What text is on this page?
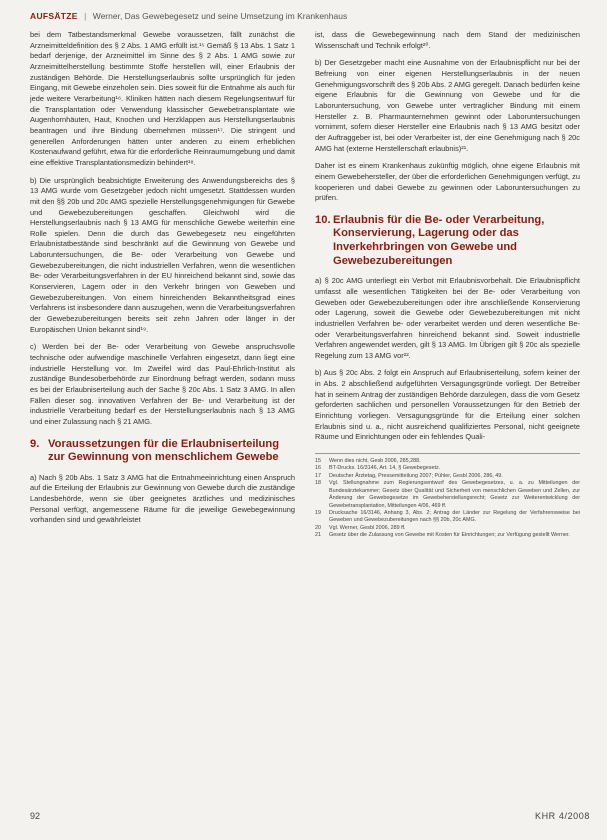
AUFSÄTZE | Werner, Das Gewebegesetz und seine Umsetzung im Krankenhaus

bei dem Tatbestandsmerkmal Gewebe voraussetzen, fällt zunächst die Arzneimitteldefinition des § 2 Abs. 1 AMG erfüllt ist.¹⁵ Gemäß § 13 Abs. 1 Satz 1 bedarf derjenige, der Arzneimittel im Sinne des § 2 Abs. 1 AMG sowie zur Arzneimittelherstellung bestimmte Stoffe herstellen will, einer Erlaubnis der zuständigen Behörde. Die Herstellungserlaubnis sollte ursprünglich für jeden Eingang, mit Gewebe einzeholen sein. Dies soweit für die Entnahme als auch für jede weitere Verarbeitung¹⁶. Kliniken hätten nach diesem Regelungsentwurf für die Transplantation oder Verwendung klassischer Gewebetransplantate wie Augenhornhäuten, Haut, Knochen und Herzklappen aus Herstellungserlaubnis beantragen und ihre Bindung übernehmen müssen¹⁷. Die stringent und generellen Anforderungen hätten unter anderen zu einem erheblichen Kostenaufwand geführt, etwa für die erforderliche Reinraumumgebung und damit eine effektive Transplantationsmedizin behindert¹⁸.

b) Die ursprünglich beabsichtigte Erweiterung des Anwendungsbereichs des § 13 AMG wurde vom Gesetzgeber jedoch nicht umgesetzt. Stattdessen wurden mit den §§ 20b und 20c AMG spezielle Herstellungsgenehmigungen für Gewebe und Gewebezubereitungen geschaffen. Gleichwohl wird die Herstellungserlaubnis nach § 13 AMG für menschliche Gewebe weiterhin eine Rolle spielen. Denn die durch das Gewebegesetz neu eingeführten Erlaubnistatbestände sind beschränkt auf die Gewinnung von Gewebe und Laboruntersuchungen, die Be- oder Verarbeitung von Gewebe und Gewebezubereitungen, die nicht industriellen Verfahren, wenn die wesentlichen Be- oder Verarbeitungsverfahren in der EU hinreichend bekannt sind, sowie das Konservieren, Lagern oder in den Verkehr bringen von Geweben und Gewebezubereitungen. Von einem hinreichenden Bekanntheitsgrad eines Verfahrens ist insbesondere dann auszugehen, wenn die Verarbeitungsverfahren der Gewebezubereitungen bereits seit zehn Jahren oder länger in der Europäischen Union bekannt sind¹⁹.

c) Werden bei der Be- oder Verarbeitung von Gewebe anspruchsvolle technische oder aufwendige maschinelle Verfahren eingesetzt, dann liegt eine industrielle Herstellung vor. Im Zweifel wird das Paul-Ehrlich-Institut als zuständige Bundesoberbehörde zur Einordnung befragt werden, sodann muss es bei der Erlaubniserteilung auch der Sache § 20c Abs. 1 Satz 3 AMG. In allen Fällen dieser sog. innovativen Verfahren der Be- und Verarbeitung ist der industrielle Verarbeitung bedarf es der Herstellungserlaubnis nach § 13 AMG und einer Zulassung nach § 21 AMG.

9. Voraussetzungen für die Erlaubniserteilung zur Gewinnung von menschlichem Gewebe

a) Nach § 20b Abs. 1 Satz 3 AMG hat die Entnahmeeinrichtung einen Anspruch auf die Erteilung der Erlaubnis zur Gewinnung von Gewebe durch die zuständige Landesbehörde, wenn sie über geeignetes ärztliches und medizinisches Personal verfügt, angemessene Räume für die jeweilige Gewebegewinnung vorhanden sind und gewährleistet

ist, dass die Gewebegewinnung nach dem Stand der medizinischen Wissenschaft und Technik erfolgt²⁰.

b) Der Gesetzgeber macht eine Ausnahme von der Erlaubnispflicht nur bei der Befreiung von einer eigenen Herstellungserlaubnis in der neuen Genehmigungsvorschrift des § 20b Abs. 2 AMG geregelt. Danach bedürfen keine eigene Erlaubnis für die Gewinnung von Gewebe und für die Laboruntersuchung, von Gewebe unter vertraglicher Bindung mit einem Hersteller z. B. Pharmaunternehmen gewinnt oder Laboruntersuchungen vornimmt, sofern dieser Hersteller eine Erlaubnis nach § 13 AMG besitzt oder der Auftraggeber ist, bei oder Verarbeiter ist, der eine Genehmigung nach § 20c AMG hat (externe Herstellerschaft erlaubnis)²¹.

Daher ist es einem Krankenhaus zukünftig möglich, ohne eigene Erlaubnis mit einem Gewebehersteller, der über die erforderlichen Genehmigungen verfügt, zu kooperieren und dabei Gewebe zu gewinnen oder Laboruntersuchungen zu prüfen.

10. Erlaubnis für die Be- oder Verarbeitung, Konservierung, Lagerung oder das Inverkehrbringen von Gewebe und Gewebezubereitungen

a) § 20c AMG unterliegt ein Verbot mit Erlaubnisvorbehalt. Die Erlaubnispflicht umfasst alle wesentlichen Tätigkeiten bei der Be- oder Verarbeitung von Geweben oder Gewebezubereitungen oder ihre anschließende Konservierung oder Lagerung, soweit die Gewebe oder Gewebezubereitungen mit nicht industriellen Verfahren be- oder verarbeitet werden und deren wesentliche Be- oder Verarbeitungsverfahren hinreichend bekannt sind. Soweit industrielle Verfahren angewendet werden, gilt § 13 AMG. Im Übrigen gilt § 20c als spezielle Regelung zum 13 AMG vor²².

b) Aus § 20c Abs. 2 folgt ein Anspruch auf Erlaubniserteilung, sofern keiner der in Abs. 2 abschließend aufgeführten Versagungsgründe vorliegt. Der Betreiber hat in seinem Antrag der zuständigen Behörde darzulegen, dass die vom Gesetz geforderten sachlichen und personellen Voraussetzungen für den Betrieb der Einrichtung vorliegen. Versagungsgründe für die Erteilung einer solchen Erlaubnis sind u. a., nicht ausreichend qualifiziertes Personal, nicht geeignete Räume und Einrichtungen oder ein fehlendes Quali-

15	Wenn dies nicht, Gesb 2006, 285,288.
16	BT-Drucks. 16/3146, Art. 14, § Gewebegesetz.
17	Deutscher Ärztetag, Pressemitteilung 2007; Pühler, Gesbl 2006, 286, 49.
18	Vgl. Stellungnahme zum Regierungsentwurf des Gewebegesetzes, u. a. zu Mitteilungen der Bundesärztekammer; Gesetz über Qualität und Sicherheit von menschlichen Geweben und Zellen, zur Änderung der Gewebegesetze im Gewebeherstellungsrecht; Gesetz zur Weiterentwicklung der Gewebetransplantation, Mitteilungen 4/06, 469 ff.
19	Drucksache 16/3146, Anhang 3, Abs. 2; Antrag der Länder zur Regelung der Verfahrensweise bei Geweben und Gewebezubereitungen nach §§ 20b, 20c AMG.
20	Vgl. Werner, Gesbl 2006, 289 ff.
21	Gesetz über die Zulassung von Gewebe mit Kosten für Einrichtungen; zur Verfügung gestellt Werner.
92	KHR 4/2008
